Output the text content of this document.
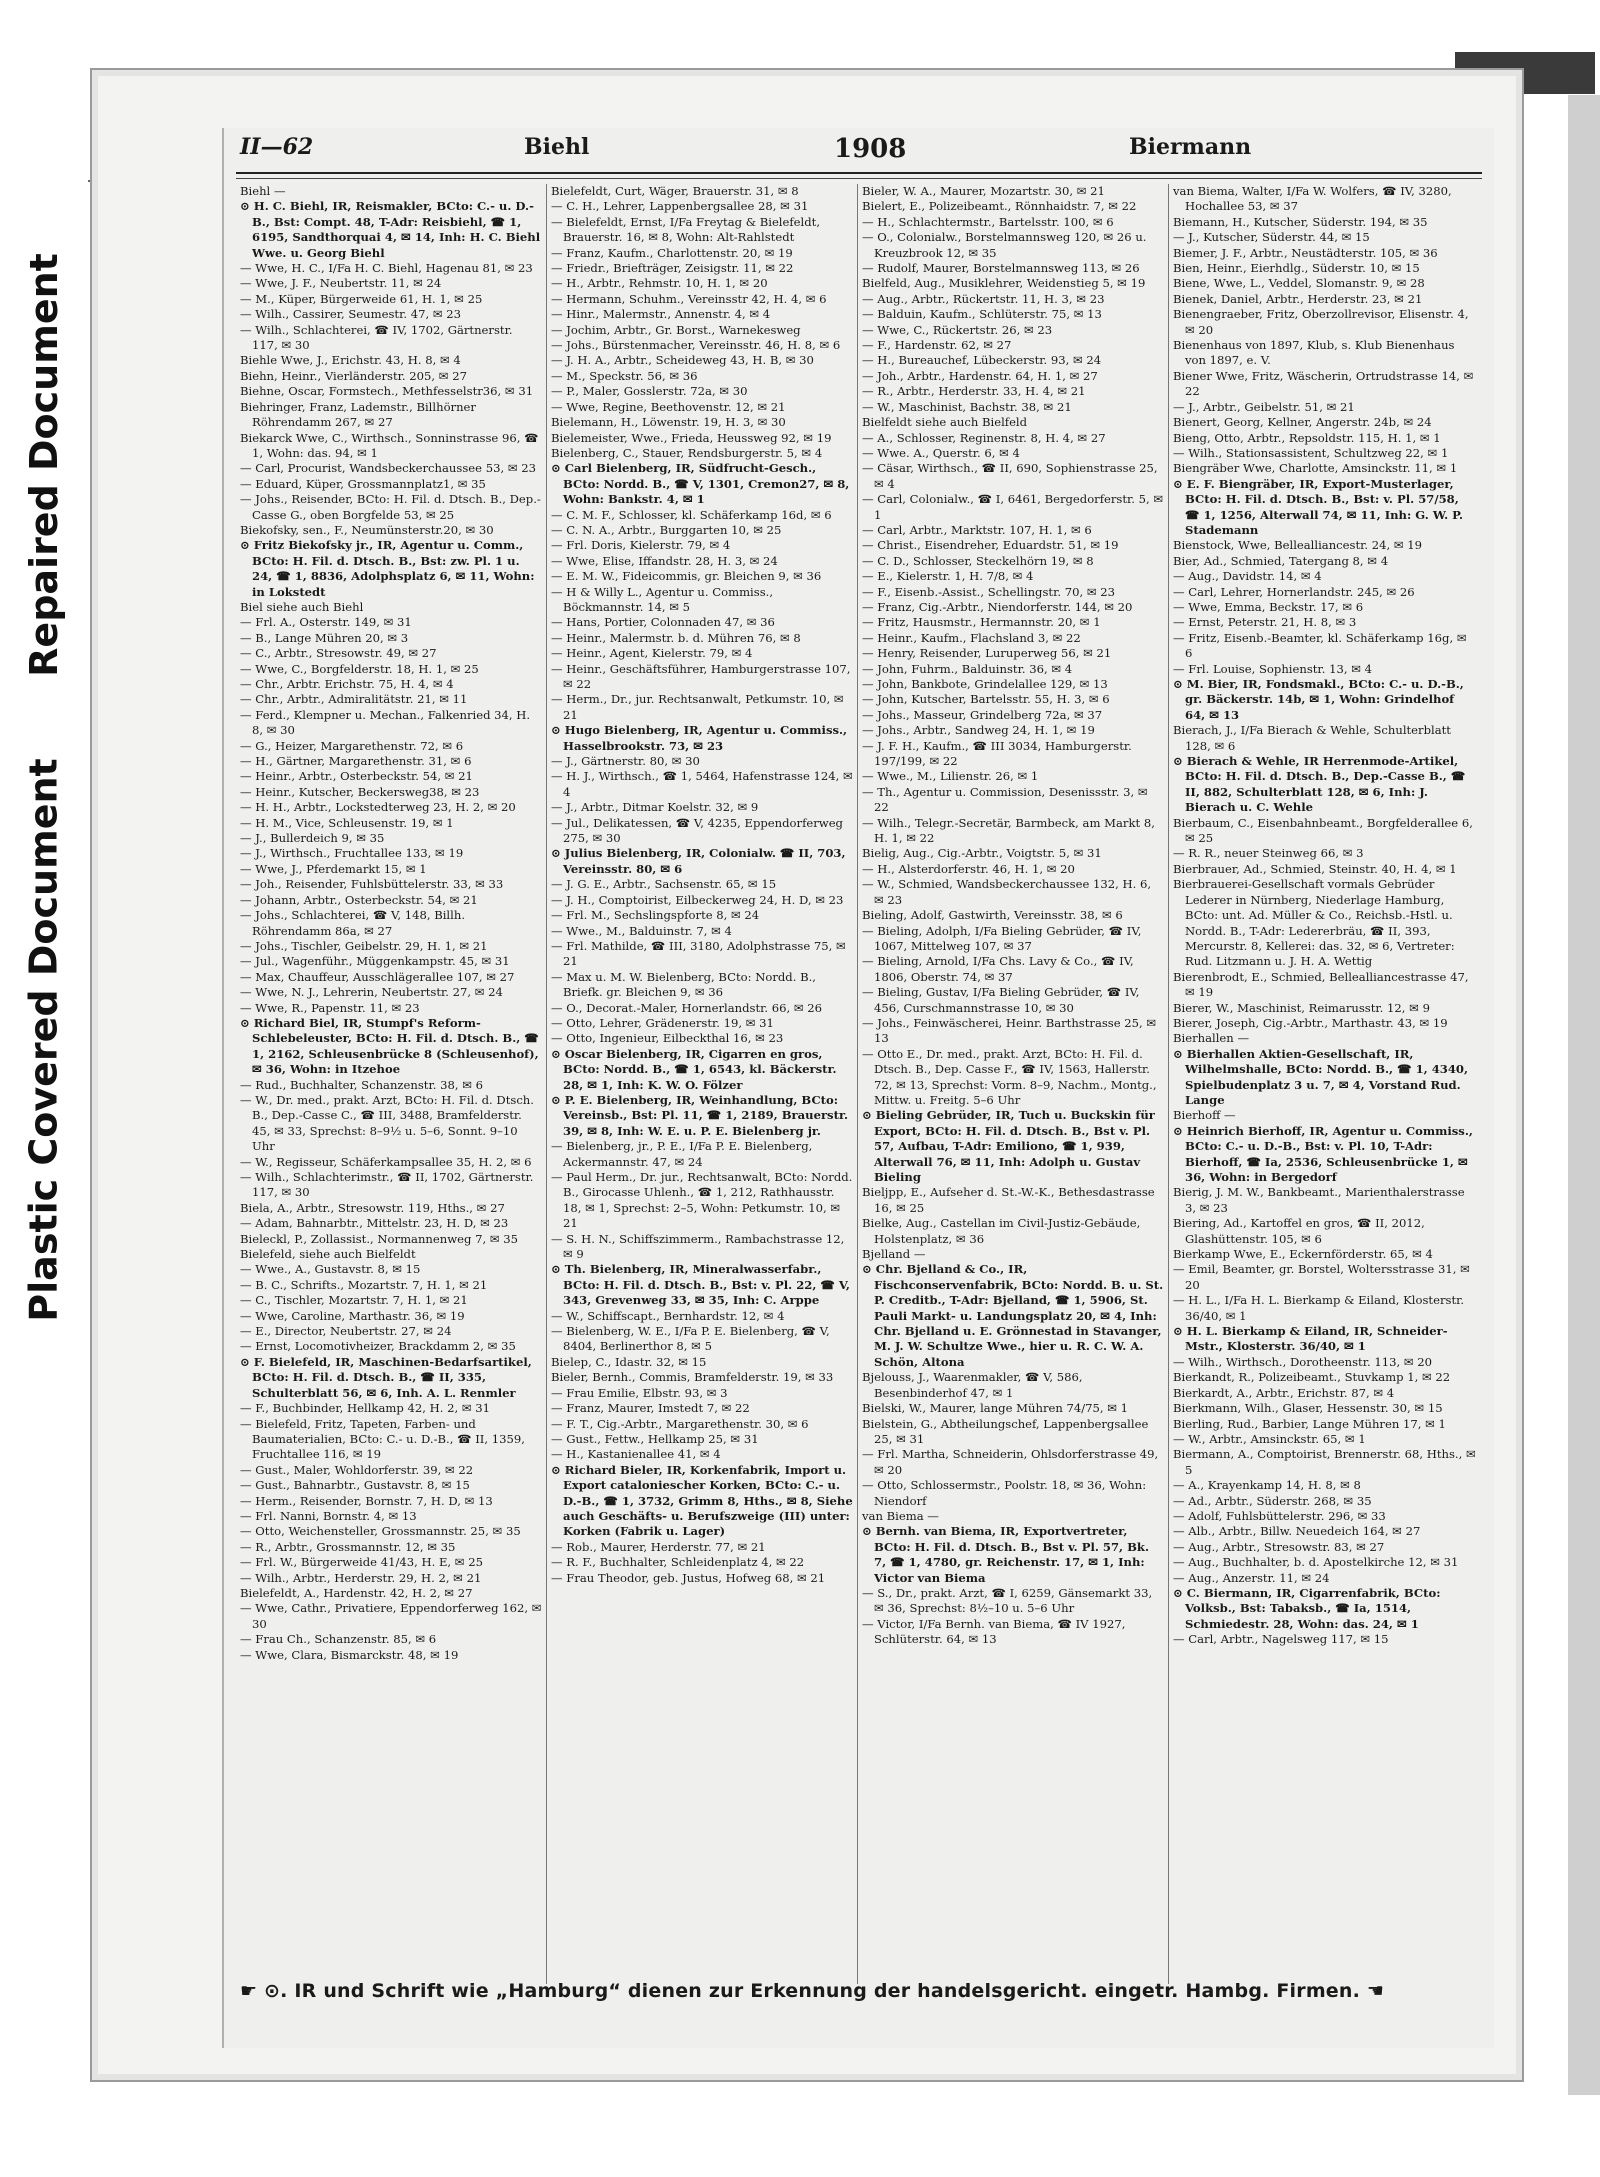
Repaired Document
Plastic Covered Document
II—62	Biehl	1908	Biermann

Biehl —

⊙ H. C. Biehl, IR, Reismakler, BCto: C.- u. D.-B., Bst: Compt. 48, T-Adr: Reisbiehl, ☎ 1, 6195, Sandthorquai 4, ✉ 14, Inh: H. C. Biehl Wwe. u. Georg Biehl

— Wwe, H. C., I/Fa H. C. Biehl, Hagenau 81, ✉ 23

— Wwe, J. F., Neubertstr. 11, ✉ 24

— M., Küper, Bürgerweide 61, H. 1, ✉ 25

— Wilh., Cassirer, Seumestr. 47, ✉ 23

— Wilh., Schlachterei, ☎ IV, 1702, Gärtnerstr. 117, ✉ 30

Biehle Wwe, J., Erichstr. 43, H. 8, ✉ 4

Biehn, Heinr., Vierländerstr. 205, ✉ 27

Biehne, Oscar, Formstech., Methfesselstr36, ✉ 31

Biehringer, Franz, Lademstr., Billhörner Röhrendamm 267, ✉ 27

Biekarck Wwe, C., Wirthsch., Sonninstrasse 96, ☎ 1, Wohn: das. 94, ✉ 1

— Carl, Procurist, Wandsbeckerchaussee 53, ✉ 23

— Eduard, Küper, Grossmannplatz1, ✉ 35

— Johs., Reisender, BCto: H. Fil. d. Dtsch. B., Dep.-Casse G., oben Borgfelde 53, ✉ 25

Biekofsky, sen., F., Neumünsterstr.20, ✉ 30

⊙ Fritz Biekofsky jr., IR, Agentur u. Comm., BCto: H. Fil. d. Dtsch. B., Bst: zw. Pl. 1 u. 24, ☎ 1, 8836, Adolphsplatz 6, ✉ 11, Wohn: in Lokstedt

Biel siehe auch Biehl

— Frl. A., Osterstr. 149, ✉ 31

— B., Lange Mühren 20, ✉ 3

— C., Arbtr., Stresowstr. 49, ✉ 27

— Wwe, C., Borgfelderstr. 18, H. 1, ✉ 25

— Chr., Arbtr. Erichstr. 75, H. 4, ✉ 4

— Chr., Arbtr., Admiralitätstr. 21, ✉ 11

— Ferd., Klempner u. Mechan., Falkenried 34, H. 8, ✉ 30

— G., Heizer, Margarethenstr. 72, ✉ 6

— H., Gärtner, Margarethenstr. 31, ✉ 6

— Heinr., Arbtr., Osterbeckstr. 54, ✉ 21

— Heinr., Kutscher, Beckersweg38, ✉ 23

— H. H., Arbtr., Lockstedterweg 23, H. 2, ✉ 20

— H. M., Vice, Schleusenstr. 19, ✉ 1

— J., Bullerdeich 9, ✉ 35

— J., Wirthsch., Fruchtallee 133, ✉ 19

— Wwe, J., Pferdemarkt 15, ✉ 1

— Joh., Reisender, Fuhlsbüttelerstr. 33, ✉ 33

— Johann, Arbtr., Osterbeckstr. 54, ✉ 21

— Johs., Schlachterei, ☎ V, 148, Billh. Röhrendamm 86a, ✉ 27

— Johs., Tischler, Geibelstr. 29, H. 1, ✉ 21

— Jul., Wagenführ., Müggenkampstr. 45, ✉ 31

— Max, Chauffeur, Ausschlägerallee 107, ✉ 27

— Wwe, N. J., Lehrerin, Neubertstr. 27, ✉ 24

— Wwe, R., Papenstr. 11, ✉ 23

⊙ Richard Biel, IR, Stumpf's Reform-Schlebeleuster, BCto: H. Fil. d. Dtsch. B., ☎ 1, 2162, Schleusenbrücke 8 (Schleusenhof), ✉ 36, Wohn: in Itzehoe

— Rud., Buchhalter, Schanzenstr. 38, ✉ 6

— W., Dr. med., prakt. Arzt, BCto: H. Fil. d. Dtsch. B., Dep.-Casse C., ☎ III, 3488, Bramfelderstr. 45, ✉ 33, Sprechst: 8–9½ u. 5–6, Sonnt. 9–10 Uhr

— W., Regisseur, Schäferkampsallee 35, H. 2, ✉ 6

— Wilh., Schlachterimstr., ☎ II, 1702, Gärtnerstr. 117, ✉ 30

Biela, A., Arbtr., Stresowstr. 119, Hths., ✉ 27

— Adam, Bahnarbtr., Mittelstr. 23, H. D, ✉ 23

Bieleckl, P., Zollassist., Normannenweg 7, ✉ 35

Bielefeld, siehe auch Bielfeldt

— Wwe., A., Gustavstr. 8, ✉ 15

— B. C., Schrifts., Mozartstr. 7, H. 1, ✉ 21

— C., Tischler, Mozartstr. 7, H. 1, ✉ 21

— Wwe, Caroline, Marthastr. 36, ✉ 19

— E., Director, Neubertstr. 27, ✉ 24

— Ernst, Locomotivheizer, Brackdamm 2, ✉ 35

⊙ F. Bielefeld, IR, Maschinen-Bedarfsartikel, BCto: H. Fil. d. Dtsch. B., ☎ II, 335, Schulterblatt 56, ✉ 6, Inh. A. L. Renmler

— F., Buchbinder, Hellkamp 42, H. 2, ✉ 31

— Bielefeld, Fritz, Tapeten, Farben- und Baumaterialien, BCto: C.- u. D.-B., ☎ II, 1359, Fruchtallee 116, ✉ 19

— Gust., Maler, Wohldorferstr. 39, ✉ 22

— Gust., Bahnarbtr., Gustavstr. 8, ✉ 15

— Herm., Reisender, Bornstr. 7, H. D, ✉ 13

— Frl. Nanni, Bornstr. 4, ✉ 13

— Otto, Weichensteller, Grossmannstr. 25, ✉ 35

— R., Arbtr., Grossmannstr. 12, ✉ 35

— Frl. W., Bürgerweide 41/43, H. E, ✉ 25

— Wilh., Arbtr., Herderstr. 29, H. 2, ✉ 21

Bielefeldt, A., Hardenstr. 42, H. 2, ✉ 27

— Wwe, Cathr., Privatiere, Eppendorferweg 162, ✉ 30

— Frau Ch., Schanzenstr. 85, ✉ 6

— Wwe, Clara, Bismarckstr. 48, ✉ 19

Bielefeldt, Curt, Wäger, Brauerstr. 31, ✉ 8

— C. H., Lehrer, Lappenbergsallee 28, ✉ 31

— Bielefeldt, Ernst, I/Fa Freytag & Bielefeldt, Brauerstr. 16, ✉ 8, Wohn: Alt-Rahlstedt

— Franz, Kaufm., Charlottenstr. 20, ✉ 19

— Friedr., Briefträger, Zeisigstr. 11, ✉ 22

— H., Arbtr., Rehmstr. 10, H. 1, ✉ 20

— Hermann, Schuhm., Vereinsstr 42, H. 4, ✉ 6

— Hinr., Malermstr., Annenstr. 4, ✉ 4

— Jochim, Arbtr., Gr. Borst., Warnekesweg

— Johs., Bürstenmacher, Vereinsstr. 46, H. 8, ✉ 6

— J. H. A., Arbtr., Scheideweg 43, H. B, ✉ 30

— M., Speckstr. 56, ✉ 36

— P., Maler, Gosslerstr. 72a, ✉ 30

— Wwe, Regine, Beethovenstr. 12, ✉ 21

Bielemann, H., Löwenstr. 19, H. 3, ✉ 30

Bielemeister, Wwe., Frieda, Heussweg 92, ✉ 19

Bielenberg, C., Stauer, Rendsburgerstr. 5, ✉ 4

⊙ Carl Bielenberg, IR, Südfrucht-Gesch., BCto: Nordd. B., ☎ V, 1301, Cremon27, ✉ 8, Wohn: Bankstr. 4, ✉ 1

— C. M. F., Schlosser, kl. Schäferkamp 16d, ✉ 6

— C. N. A., Arbtr., Burggarten 10, ✉ 25

— Frl. Doris, Kielerstr. 79, ✉ 4

— Wwe, Elise, Iffandstr. 28, H. 3, ✉ 24

— E. M. W., Fideicommis, gr. Bleichen 9, ✉ 36

— H & Willy L., Agentur u. Commiss., Böckmannstr. 14, ✉ 5

— Hans, Portier, Colonnaden 47, ✉ 36

— Heinr., Malermstr. b. d. Mühren 76, ✉ 8

— Heinr., Agent, Kielerstr. 79, ✉ 4

— Heinr., Geschäftsführer, Hamburgerstrasse 107, ✉ 22

— Herm., Dr., jur. Rechtsanwalt, Petkumstr. 10, ✉ 21

⊙ Hugo Bielenberg, IR, Agentur u. Commiss., Hasselbrookstr. 73, ✉ 23

— J., Gärtnerstr. 80, ✉ 30

— H. J., Wirthsch., ☎ 1, 5464, Hafenstrasse 124, ✉ 4

— J., Arbtr., Ditmar Koelstr. 32, ✉ 9

— Jul., Delikatessen, ☎ V, 4235, Eppendorferweg 275, ✉ 30

⊙ Julius Bielenberg, IR, Colonialw. ☎ II, 703, Vereinsstr. 80, ✉ 6

— J. G. E., Arbtr., Sachsenstr. 65, ✉ 15

— J. H., Comptoirist, Eilbeckerweg 24, H. D, ✉ 23

— Frl. M., Sechslingspforte 8, ✉ 24

— Wwe., M., Balduinstr. 7, ✉ 4

— Frl. Mathilde, ☎ III, 3180, Adolphstrasse 75, ✉ 21

— Max u. M. W. Bielenberg, BCto: Nordd. B., Briefk. gr. Bleichen 9, ✉ 36

— O., Decorat.-Maler, Hornerlandstr. 66, ✉ 26

— Otto, Lehrer, Grädenerstr. 19, ✉ 31

— Otto, Ingenieur, Eilbeckthal 16, ✉ 23

⊙ Oscar Bielenberg, IR, Cigarren en gros, BCto: Nordd. B., ☎ 1, 6543, kl. Bäckerstr. 28, ✉ 1, Inh: K. W. O. Fölzer

⊙ P. E. Bielenberg, IR, Weinhandlung, BCto: Vereinsb., Bst: Pl. 11, ☎ 1, 2189, Brauerstr. 39, ✉ 8, Inh: W. E. u. P. E. Bielenberg jr.

— Bielenberg, jr., P. E., I/Fa P. E. Bielenberg, Ackermannstr. 47, ✉ 24

— Paul Herm., Dr. jur., Rechtsanwalt, BCto: Nordd. B., Girocasse Uhlenh., ☎ 1, 212, Rathhausstr. 18, ✉ 1, Sprechst: 2–5, Wohn: Petkumstr. 10, ✉ 21

— S. H. N., Schiffszimmerm., Rambachstrasse 12, ✉ 9

⊙ Th. Bielenberg, IR, Mineralwasserfabr., BCto: H. Fil. d. Dtsch. B., Bst: v. Pl. 22, ☎ V, 343, Grevenweg 33, ✉ 35, Inh: C. Arppe

— W., Schiffscapt., Bernhardstr. 12, ✉ 4

— Bielenberg, W. E., I/Fa P. E. Bielenberg, ☎ V, 8404, Berlinerthor 8, ✉ 5

Bielep, C., Idastr. 32, ✉ 15

Bieler, Bernh., Commis, Bramfelderstr. 19, ✉ 33

— Frau Emilie, Elbstr. 93, ✉ 3

— Franz, Maurer, Imstedt 7, ✉ 22

— F. T., Cig.-Arbtr., Margarethenstr. 30, ✉ 6

— Gust., Fettw., Hellkamp 25, ✉ 31

— H., Kastanienallee 41, ✉ 4

⊙ Richard Bieler, IR, Korkenfabrik, Import u. Export cataloniescher Korken, BCto: C.- u. D.-B., ☎ 1, 3732, Grimm 8, Hths., ✉ 8, Siehe auch Geschäfts- u. Berufszweige (III) unter: Korken (Fabrik u. Lager)

— Rob., Maurer, Herderstr. 77, ✉ 21

— R. F., Buchhalter, Schleidenplatz 4, ✉ 22

— Frau Theodor, geb. Justus, Hofweg 68, ✉ 21

Bieler, W. A., Maurer, Mozartstr. 30, ✉ 21

Bielert, E., Polizeibeamt., Rönnhaidstr. 7, ✉ 22

— H., Schlachtermstr., Bartelsstr. 100, ✉ 6

— O., Colonialw., Borstelmannsweg 120, ✉ 26 u. Kreuzbrook 12, ✉ 35

— Rudolf, Maurer, Borstelmannsweg 113, ✉ 26

Bielfeld, Aug., Musiklehrer, Weidenstieg 5, ✉ 19

— Aug., Arbtr., Rückertstr. 11, H. 3, ✉ 23

— Balduin, Kaufm., Schlüterstr. 75, ✉ 13

— Wwe, C., Rückertstr. 26, ✉ 23

— F., Hardenstr. 62, ✉ 27

— H., Bureauchef, Lübeckerstr. 93, ✉ 24

— Joh., Arbtr., Hardenstr. 64, H. 1, ✉ 27

— R., Arbtr., Herderstr. 33, H. 4, ✉ 21

— W., Maschinist, Bachstr. 38, ✉ 21

Bielfeldt siehe auch Bielfeld

— A., Schlosser, Reginenstr. 8, H. 4, ✉ 27

— Wwe. A., Querstr. 6, ✉ 4

— Cäsar, Wirthsch., ☎ II, 690, Sophienstrasse 25, ✉ 4

— Carl, Colonialw., ☎ I, 6461, Bergedorferstr. 5, ✉ 1

— Carl, Arbtr., Marktstr. 107, H. 1, ✉ 6

— Christ., Eisendreher, Eduardstr. 51, ✉ 19

— C. D., Schlosser, Steckelhörn 19, ✉ 8

— E., Kielerstr. 1, H. 7/8, ✉ 4

— F., Eisenb.-Assist., Schellingstr. 70, ✉ 23

— Franz, Cig.-Arbtr., Niendorferstr. 144, ✉ 20

— Fritz, Hausmstr., Hermannstr. 20, ✉ 1

— Heinr., Kaufm., Flachsland 3, ✉ 22

— Henry, Reisender, Luruperweg 56, ✉ 21

— John, Fuhrm., Balduinstr. 36, ✉ 4

— John, Bankbote, Grindelallee 129, ✉ 13

— John, Kutscher, Bartelsstr. 55, H. 3, ✉ 6

— Johs., Masseur, Grindelberg 72a, ✉ 37

— Johs., Arbtr., Sandweg 24, H. 1, ✉ 19

— J. F. H., Kaufm., ☎ III 3034, Hamburgerstr. 197/199, ✉ 22

— Wwe., M., Lilienstr. 26, ✉ 1

— Th., Agentur u. Commission, Desenissstr. 3, ✉ 22

— Wilh., Telegr.-Secretär, Barmbeck, am Markt 8, H. 1, ✉ 22

Bielig, Aug., Cig.-Arbtr., Voigtstr. 5, ✉ 31

— H., Alsterdorferstr. 46, H. 1, ✉ 20

— W., Schmied, Wandsbeckerchaussee 132, H. 6, ✉ 23

Bieling, Adolf, Gastwirth, Vereinsstr. 38, ✉ 6

— Bieling, Adolph, I/Fa Bieling Gebrüder, ☎ IV, 1067, Mittelweg 107, ✉ 37

— Bieling, Arnold, I/Fa Chs. Lavy & Co., ☎ IV, 1806, Oberstr. 74, ✉ 37

— Bieling, Gustav, I/Fa Bieling Gebrüder, ☎ IV, 456, Curschmannstrasse 10, ✉ 30

— Johs., Feinwäscherei, Heinr. Barthstrasse 25, ✉ 13

— Otto E., Dr. med., prakt. Arzt, BCto: H. Fil. d. Dtsch. B., Dep. Casse F., ☎ IV, 1563, Hallerstr. 72, ✉ 13, Sprechst: Vorm. 8–9, Nachm., Montg., Mittw. u. Freitg. 5–6 Uhr

⊙ Bieling Gebrüder, IR, Tuch u. Buckskin für Export, BCto: H. Fil. d. Dtsch. B., Bst v. Pl. 57, Aufbau, T-Adr: Emiliono, ☎ 1, 939, Alterwall 76, ✉ 11, Inh: Adolph u. Gustav Bieling

Bieljpp, E., Aufseher d. St.-W.-K., Bethesdastrasse 16, ✉ 25

Bielke, Aug., Castellan im Civil-Justiz-Gebäude, Holstenplatz, ✉ 36

Bjelland —

⊙ Chr. Bjelland & Co., IR, Fischconservenfabrik, BCto: Nordd. B. u. St. P. Creditb., T-Adr: Bjelland, ☎ 1, 5906, St. Pauli Markt- u. Landungsplatz 20, ✉ 4, Inh: Chr. Bjelland u. E. Grönnestad in Stavanger, M. J. W. Schultze Wwe., hier u. R. C. W. A. Schön, Altona

Bjelouss, J., Waarenmakler, ☎ V, 586, Besenbinderhof 47, ✉ 1

Bielski, W., Maurer, lange Mühren 74/75, ✉ 1

Bielstein, G., Abtheilungschef, Lappenbergsallee 25, ✉ 31

— Frl. Martha, Schneiderin, Ohlsdorferstrasse 49, ✉ 20

— Otto, Schlossermstr., Poolstr. 18, ✉ 36, Wohn: Niendorf

van Biema —

⊙ Bernh. van Biema, IR, Exportvertreter, BCto: H. Fil. d. Dtsch. B., Bst v. Pl. 57, Bk. 7, ☎ 1, 4780, gr. Reichenstr. 17, ✉ 1, Inh: Victor van Biema

— S., Dr., prakt. Arzt, ☎ I, 6259, Gänsemarkt 33, ✉ 36, Sprechst: 8½–10 u. 5–6 Uhr

— Victor, I/Fa Bernh. van Biema, ☎ IV 1927, Schlüterstr. 64, ✉ 13

van Biema, Walter, I/Fa W. Wolfers, ☎ IV, 3280, Hochallee 53, ✉ 37

Biemann, H., Kutscher, Süderstr. 194, ✉ 35

— J., Kutscher, Süderstr. 44, ✉ 15

Biemer, J. F., Arbtr., Neustädterstr. 105, ✉ 36

Bien, Heinr., Eierhdlg., Süderstr. 10, ✉ 15

Biene, Wwe, L., Veddel, Slomanstr. 9, ✉ 28

Bienek, Daniel, Arbtr., Herderstr. 23, ✉ 21

Bienengraeber, Fritz, Oberzollrevisor, Elisenstr. 4, ✉ 20

Bienenhaus von 1897, Klub, s. Klub Bienenhaus von 1897, e. V.

Biener Wwe, Fritz, Wäscherin, Ortrudstrasse 14, ✉ 22

— J., Arbtr., Geibelstr. 51, ✉ 21

Bienert, Georg, Kellner, Angerstr. 24b, ✉ 24

Bieng, Otto, Arbtr., Repsoldstr. 115, H. 1, ✉ 1

— Wilh., Stationsassistent, Schultzweg 22, ✉ 1

Biengräber Wwe, Charlotte, Amsinckstr. 11, ✉ 1

⊙ E. F. Biengräber, IR, Export-Musterlager, BCto: H. Fil. d. Dtsch. B., Bst: v. Pl. 57/58, ☎ 1, 1256, Alterwall 74, ✉ 11, Inh: G. W. P. Stademann

Bienstock, Wwe, Bellealliancestr. 24, ✉ 19

Bier, Ad., Schmied, Tatergang 8, ✉ 4

— Aug., Davidstr. 14, ✉ 4

— Carl, Lehrer, Hornerlandstr. 245, ✉ 26

— Wwe, Emma, Beckstr. 17, ✉ 6

— Ernst, Peterstr. 21, H. 8, ✉ 3

— Fritz, Eisenb.-Beamter, kl. Schäferkamp 16g, ✉ 6

— Frl. Louise, Sophienstr. 13, ✉ 4

⊙ M. Bier, IR, Fondsmakl., BCto: C.- u. D.-B., gr. Bäckerstr. 14b, ✉ 1, Wohn: Grindelhof 64, ✉ 13

Bierach, J., I/Fa Bierach & Wehle, Schulterblatt 128, ✉ 6

⊙ Bierach & Wehle, IR Herrenmode-Artikel, BCto: H. Fil. d. Dtsch. B., Dep.-Casse B., ☎ II, 882, Schulterblatt 128, ✉ 6, Inh: J. Bierach u. C. Wehle

Bierbaum, C., Eisenbahnbeamt., Borgfelderallee 6, ✉ 25

— R. R., neuer Steinweg 66, ✉ 3

Bierbrauer, Ad., Schmied, Steinstr. 40, H. 4, ✉ 1

Bierbrauerei-Gesellschaft vormals Gebrüder Lederer in Nürnberg, Niederlage Hamburg, BCto: unt. Ad. Müller & Co., Reichsb.-Hstl. u. Nordd. B., T-Adr: Ledererbräu, ☎ II, 393, Mercurstr. 8, Kellerei: das. 32, ✉ 6, Vertreter: Rud. Litzmann u. J. H. A. Wettig

Bierenbrodt, E., Schmied, Bellealliancestrasse 47, ✉ 19

Bierer, W., Maschinist, Reimarusstr. 12, ✉ 9

Bierer, Joseph, Cig.-Arbtr., Marthastr. 43, ✉ 19

Bierhallen —

⊙ Bierhallen Aktien-Gesellschaft, IR, Wilhelmshalle, BCto: Nordd. B., ☎ 1, 4340, Spielbudenplatz 3 u. 7, ✉ 4, Vorstand Rud. Lange

Bierhoff —

⊙ Heinrich Bierhoff, IR, Agentur u. Commiss., BCto: C.- u. D.-B., Bst: v. Pl. 10, T-Adr: Bierhoff, ☎ Ia, 2536, Schleusenbrücke 1, ✉ 36, Wohn: in Bergedorf

Bierig, J. M. W., Bankbeamt., Marienthalerstrasse 3, ✉ 23

Biering, Ad., Kartoffel en gros, ☎ II, 2012, Glashüttenstr. 105, ✉ 6

Bierkamp Wwe, E., Eckernförderstr. 65, ✉ 4

— Emil, Beamter, gr. Borstel, Woltersstrasse 31, ✉ 20

— H. L., I/Fa H. L. Bierkamp & Eiland, Klosterstr. 36/40, ✉ 1

⊙ H. L. Bierkamp & Eiland, IR, Schneider-Mstr., Klosterstr. 36/40, ✉ 1

— Wilh., Wirthsch., Dorotheenstr. 113, ✉ 20

Bierkandt, R., Polizeibeamt., Stuvkamp 1, ✉ 22

Bierkardt, A., Arbtr., Erichstr. 87, ✉ 4

Bierkmann, Wilh., Glaser, Hessenstr. 30, ✉ 15

Bierling, Rud., Barbier, Lange Mühren 17, ✉ 1

— W., Arbtr., Amsinckstr. 65, ✉ 1

Biermann, A., Comptoirist, Brennerstr. 68, Hths., ✉ 5

— A., Krayenkamp 14, H. 8, ✉ 8

— Ad., Arbtr., Süderstr. 268, ✉ 35

— Adolf, Fuhlsbüttelerstr. 296, ✉ 33

— Alb., Arbtr., Billw. Neuedeich 164, ✉ 27

— Aug., Arbtr., Stresowstr. 83, ✉ 27

— Aug., Buchhalter, b. d. Apostelkirche 12, ✉ 31

— Aug., Anzerstr. 11, ✉ 24

⊙ C. Biermann, IR, Cigarrenfabrik, BCto: Volksb., Bst: Tabaksb., ☎ Ia, 1514, Schmiedestr. 28, Wohn: das. 24, ✉ 1

— Carl, Arbtr., Nagelsweg 117, ✉ 15

☛ ⊙. IR und Schrift wie „Hamburg“ dienen zur Erkennung der handelsgericht. eingetr. Hambg. Firmen. ☚
